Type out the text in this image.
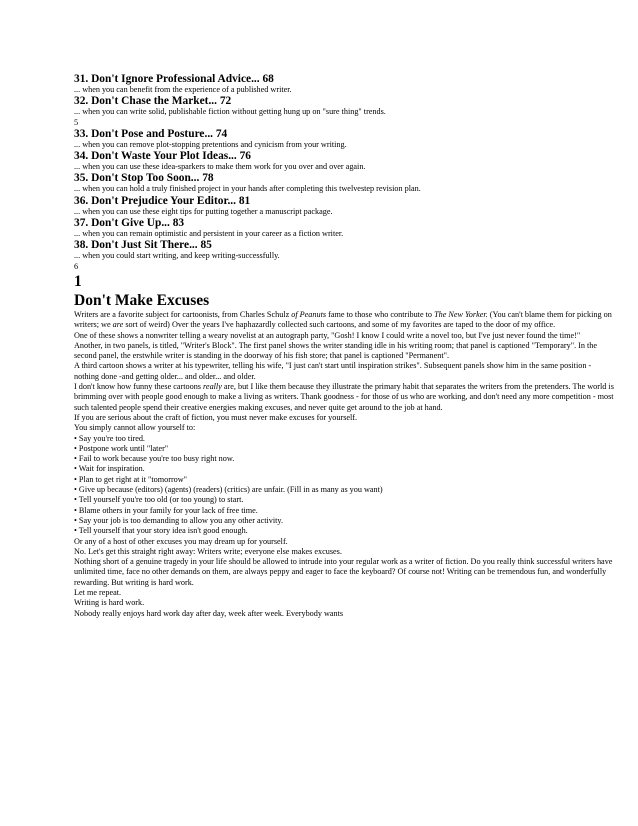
31. Don't Ignore Professional Advice... 68
... when you can benefit from the experience of a published writer.
32. Don't Chase the Market... 72
... when you can write solid, publishable fiction without getting hung up on "sure thing" trends.
5
33. Don't Pose and Posture... 74
... when you can remove plot-stopping pretentions and cynicism from your writing.
34. Don't Waste Your Plot Ideas... 76
... when you can use these idea-sparkers to make them work for you over and over again.
35. Don't Stop Too Soon... 78
... when you can hold a truly finished project in your hands after completing this twelvestep revision plan.
36. Don't Prejudice Your Editor... 81
... when you can use these eight tips for putting together a manuscript package.
37. Don't Give Up... 83
... when you can remain optimistic and persistent in your career as a fiction writer.
38. Don't Just Sit There... 85
... when you could start writing, and keep writing-successfully.
6
1
Don't Make Excuses

Writers are a favorite subject for cartoonists, from Charles Schulz of Peanuts fame to those who contribute to The New Yorker. (You can't blame them for picking on writers; we are sort of weird) Over the years I've haphazardly collected such cartoons, and some of my favorites are taped to the door of my office.

One of these shows a nonwriter telling a weary novelist at an autograph party, "Gosh! I know I could write a novel too, but I've just never found the time!"

Another, in two panels, is titled, "Writer's Block". The first panel shows the writer standing idle in his writing room; that panel is captioned "Temporary". In the second panel, the erstwhile writer is standing in the doorway of his fish store; that panel is captioned "Permanent".

A third cartoon shows a writer at his typewriter, telling his wife, "I just can't start until inspiration strikes". Subsequent panels show him in the same position - nothing done -and getting older... and older... and older.

I don't know how funny these cartoons really are, but I like them because they illustrate the primary habit that separates the writers from the pretenders. The world is brimming over with people good enough to make a living as writers. Thank goodness - for those of us who are working, and don't need any more competition - most such talented people spend their creative energies making excuses, and never quite get around to the job at hand.

If you are serious about the craft of fiction, you must never make excuses for yourself.

You simply cannot allow yourself to:

• Say you're too tired.

• Postpone work until "later"

• Fail to work because you're too busy right now.

• Wait for inspiration.

• Plan to get right at it "tomorrow"

• Give up because (editors) (agents) (readers) (critics) are unfair. (Fill in as many as you want)

• Tell yourself you're too old (or too young) to start.

• Blame others in your family for your lack of free time.

• Say your job is too demanding to allow you any other activity.

• Tell yourself that your story idea isn't good enough.

Or any of a host of other excuses you may dream up for yourself.

No. Let's get this straight right away: Writers write; everyone else makes excuses.

Nothing short of a genuine tragedy in your life should be allowed to intrude into your regular work as a writer of fiction. Do you really think successful writers have unlimited time, face no other demands on them, are always peppy and eager to face the keyboard? Of course not! Writing can be tremendous fun, and wonderfully rewarding. But writing is hard work.

Let me repeat.

Writing is hard work.

Nobody really enjoys hard work day after day, week after week. Everybody wants
